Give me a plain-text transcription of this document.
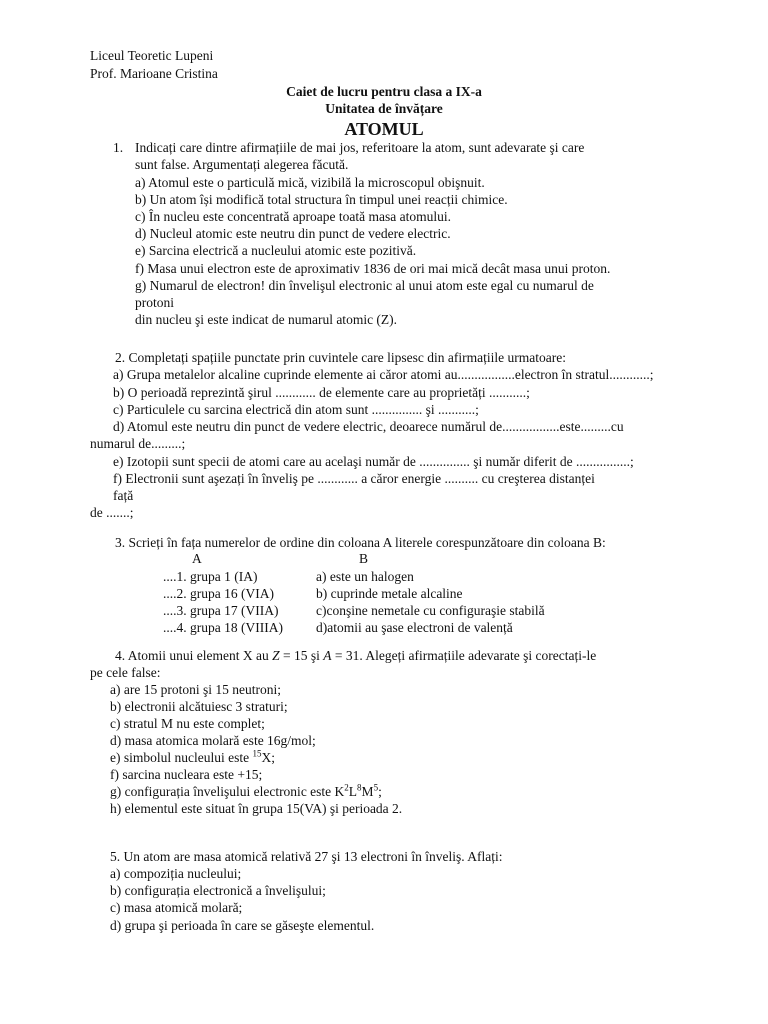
Liceul Teoretic Lupeni
Prof. Marioane Cristina
Caiet de lucru pentru clasa a IX-a
Unitatea de învățare
ATOMUL
1. Indicați care dintre afirmațiile de mai jos, referitoare la atom, sunt adevarate şi care
sunt false. Argumentați alegerea făcută.
a) Atomul este o particulă mică, vizibilă la microscopul obişnuit.
b) Un atom își modifică total structura în timpul unei reacții chimice.
c) În nucleu este concentrată aproape toată masa atomului.
d) Nucleul atomic este neutru din punct de vedere electric.
e) Sarcina electrică a nucleului atomic este pozitivă.
f) Masa unui electron este de aproximativ 1836 de ori mai mică decât masa unui proton.
g) Numarul de electron! din învelişul electronic al unui atom este egal cu numarul de
protoni
din nucleu şi este indicat de numarul atomic (Z).
2. Completați spațiile punctate prin cuvintele care lipsesc din afirmațiile urmatoare:
a) Grupa metalelor alcaline cuprinde elemente ai căror atomi au.................electron în stratul............;
b) O perioadă reprezintă şirul ............ de elemente care au proprietăți ...........;
c) Particulele cu sarcina electrică din atom sunt ............... şi ...........;
d) Atomul este neutru din punct de vedere electric, deoarece numărul de.................este.........cu
numarul de.........;
e) Izotopii sunt specii de atomi care au acelaşi număr de ............... şi număr diferit de ................;
f) Electronii sunt aşezați în înveliş pe ............ a căror energie .......... cu creşterea distanței
față
de .......;
3. Scrieți în fața numerelor de ordine din coloana A literele corespunzătoare din coloana B:
A	B
....1. grupa 1 (IA)	a) este un halogen
....2. grupa 16 (VIA)	b) cuprinde metale alcaline
....3. grupa 17 (VIIA)	c)conşine nemetale cu configuraşie stabilă
....4. grupa 18 (VIIIA) d)atomii au şase electroni de valență
4. Atomii unui element X au Z = 15 şi A = 31. Alegeți afirmațiile adevarate şi corectați-le
pe cele false:
a) are 15 protoni şi 15 neutroni;
b) electronii alcătuiesc 3 straturi;
c) stratul M nu este complet;
d) masa atomica molară este 16g/mol;
e) simbolul nucleului este $^{15}$X;
f) sarcina nucleara este +15;
g) configurația învelişului electronic este $K^2L^8M^5$;
h) elementul este situat în grupa 15(VA) şi perioada 2.
5. Un atom are masa atomică relativă 27 şi 13 electroni în înveliş. Aflați:
a) compoziția nucleului;
b) configurația electronică a învelişului;
c) masa atomică molară;
d) grupa şi perioada în care se găseşte elementul.
